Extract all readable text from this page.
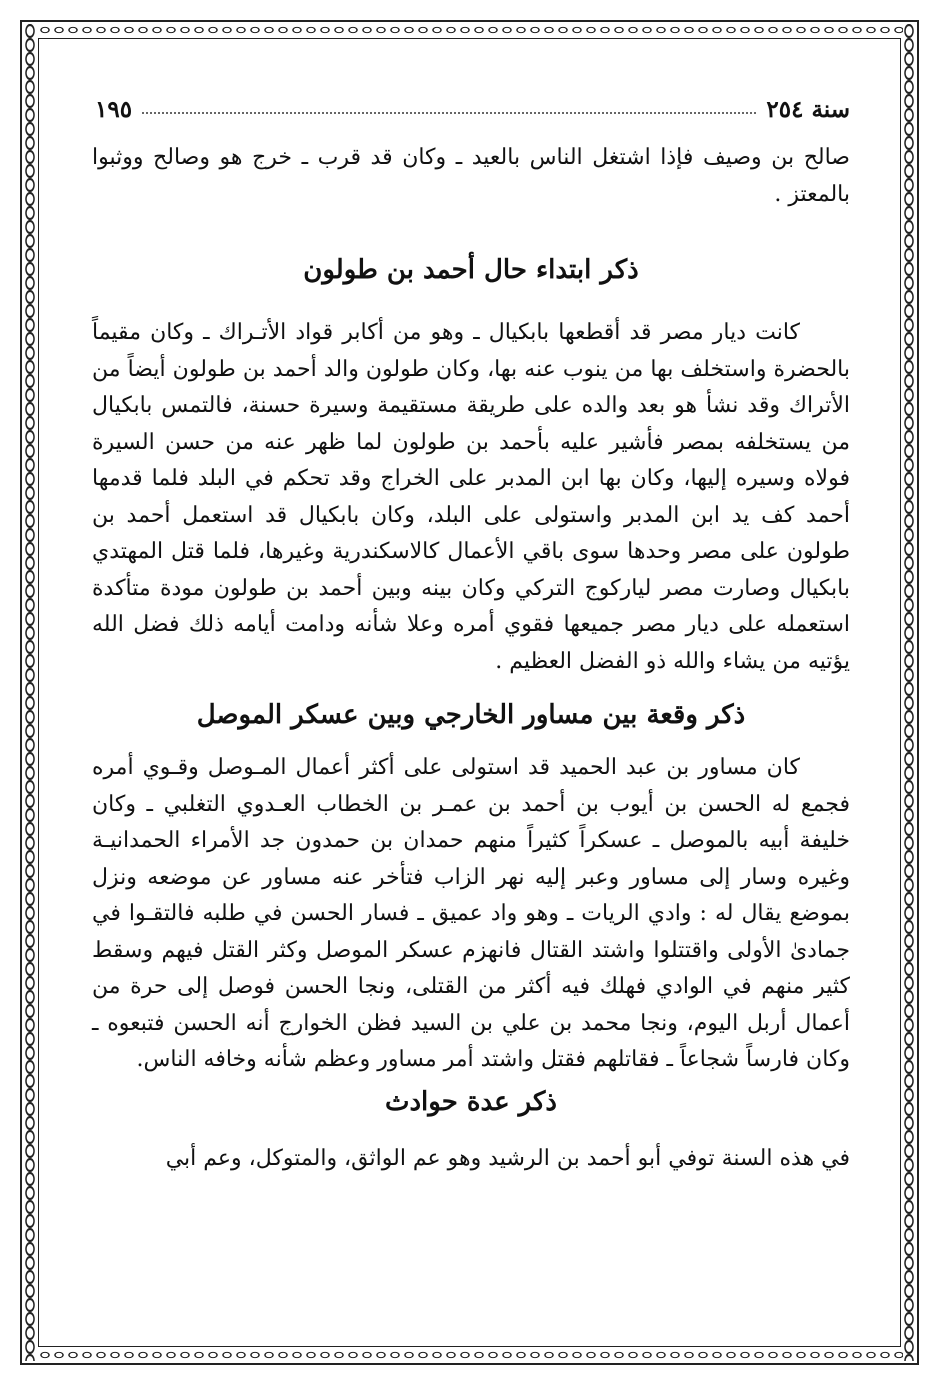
سنة ٢٥٤
١٩٥

صالح بن وصيف فإذا اشتغل الناس بالعيد ـ وكان قد قرب ـ خرج هو وصالح ووثبوا بالمعتز .

ذكر ابتداء حال أحمد بن طولون

كانت ديار مصر قد أقطعها بابكيال ـ وهو من أكابر قواد الأتـراك ـ وكان مقيماً بالحضرة واستخلف بها من ينوب عنه بها، وكان طولون والد أحمد بن طولون أيضاً من الأتراك وقد نشأ هو بعد والده على طريقة مستقيمة وسيرة حسنة، فالتمس بابكيال من يستخلفه بمصر فأشير عليه بأحمد بن طولون لما ظهر عنه من حسن السيرة فولاه وسيره إليها، وكان بها ابن المدبر على الخراج وقد تحكم في البلد فلما قدمها أحمد كف يد ابن المدبر واستولى على البلد، وكان بابكيال قد استعمل أحمد بن طولون على مصر وحدها سوى باقي الأعمال كالاسكندرية وغيرها، فلما قتل المهتدي بابكيال وصارت مصر لياركوج التركي وكان بينه وبين أحمد بن طولون مودة متأكدة استعمله على ديار مصر جميعها فقوي أمره وعلا شأنه ودامت أيامه ذلك فضل الله يؤتيه من يشاء والله ذو الفضل العظيم .

ذكر وقعة بين مساور الخارجي وبين عسكر الموصل

كان مساور بن عبد الحميد قد استولى على أكثر أعمال المـوصل وقـوي أمره فجمع له الحسن بن أيوب بن أحمد بن عمـر بن الخطاب العـدوي التغلبي ـ وكان خليفة أبيه بالموصل ـ عسكراً كثيراً منهم حمدان بن حمدون جد الأمراء الحمدانيـة وغيره وسار إلى مساور وعبر إليه نهر الزاب فتأخر عنه مساور عن موضعه ونزل بموضع يقال له : وادي الريات ـ وهو واد عميق ـ فسار الحسن في طلبه فالتقـوا في جمادىٰ الأولى واقتتلوا واشتد القتال فانهزم عسكر الموصل وكثر القتل فيهم وسقط كثير منهم في الوادي فهلك فيه أكثر من القتلى، ونجا الحسن فوصل إلى حرة من أعمال أربل اليوم، ونجا محمد بن علي بن السيد فظن الخوارج أنه الحسن فتبعوه ـ وكان فارساً شجاعاً ـ فقاتلهم فقتل واشتد أمر مساور وعظم شأنه وخافه الناس.

ذكر عدة حوادث

في هذه السنة توفي أبو أحمد بن الرشيد وهو عم الواثق، والمتوكل، وعم أبي
